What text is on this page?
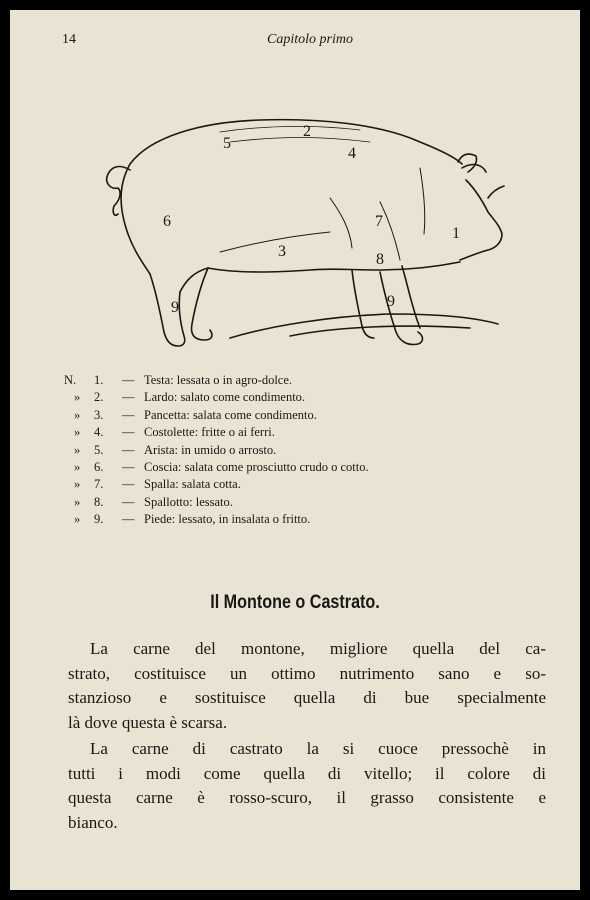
14	Capitolo primo
1
2
3
4
5
6	7
8
9	9
N.	1.	— Testa: lessata o in agro-dolce.
»	2.	— Lardo: salato come condimento.
»	3.	— Pancetta: salata come condimento.
»	4.	— Costolette: fritte o ai ferri.
»	5.	— Arista: in umido o arrosto.
»	6.	— Coscia: salata come prosciutto crudo o cotto.
»	7.	— Spalla: salata cotta.
»	8.	— Spallotto: lessato.
»	9.	— Piede: lessato, in insalata o fritto.
Il Montone o Castrato.

La carne del montone, migliore quella del ca-
strato, costituisce un ottimo nutrimento sano e so-
stanzioso e sostituisce quella di bue specialmente
là dove questa è scarsa.

La carne di castrato la si cuoce pressochè in
tutti i modi come quella di vitello; il colore di
questa carne è rosso-scuro, il grasso consistente e
bianco.
